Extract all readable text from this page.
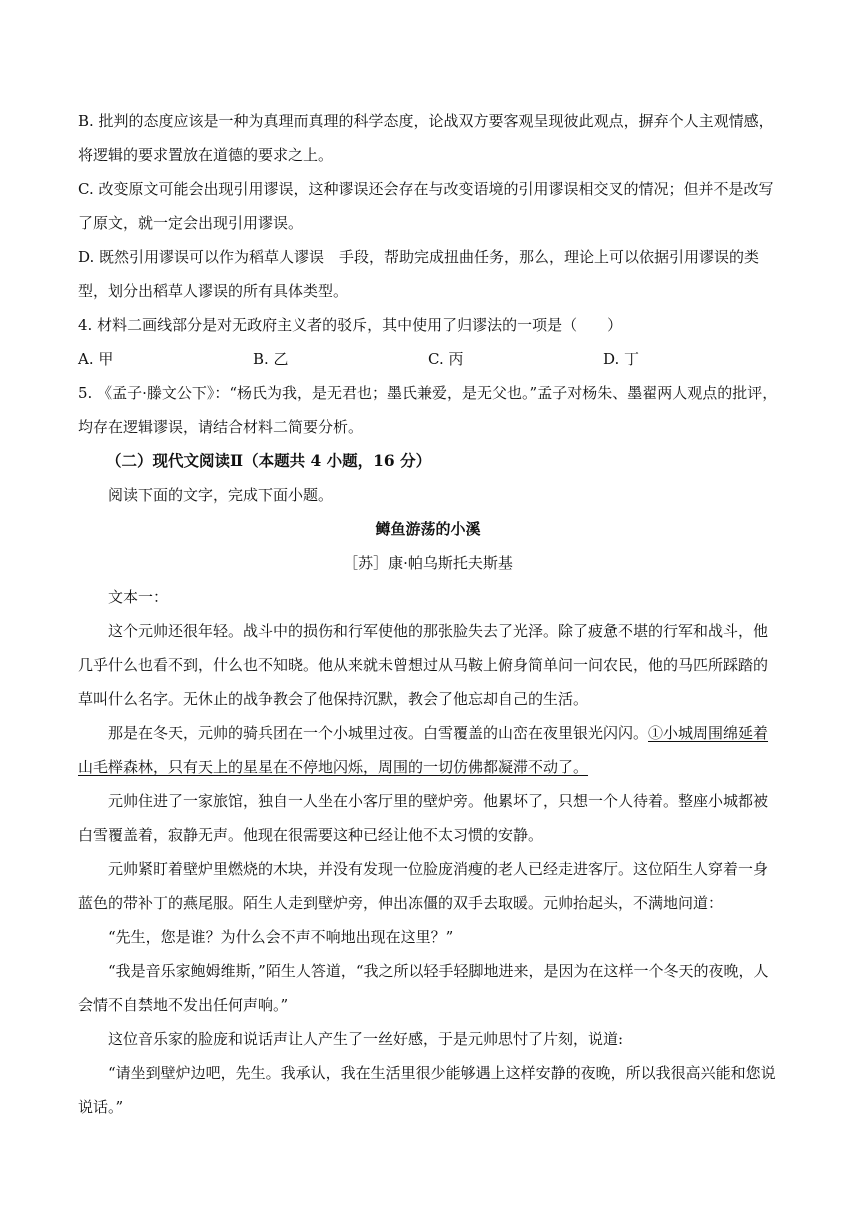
B. 批判的态度应该是一种为真理而真理的科学态度，论战双方要客观呈现彼此观点，摒弃个人主观情感，将逻辑的要求置放在道德的要求之上。

C. 改变原文可能会出现引用谬误，这种谬误还会存在与改变语境的引用谬误相交叉的情况；但并不是改写了原文，就一定会出现引用谬误。

D. 既然引用谬误可以作为稻草人谬误　手段，帮助完成扭曲任务，那么，理论上可以依据引用谬误的类型，划分出稻草人谬误的所有具体类型。

4. 材料二画线部分是对无政府主义者的驳斥，其中使用了归谬法的一项是（　　）

A. 甲	B. 乙	C. 丙	D. 丁

5. 《孟子·滕文公下》：“杨氏为我，是无君也；墨氏兼爱，是无父也。”孟子对杨朱、墨翟两人观点的批评，均存在逻辑谬误，请结合材料二简要分析。

（二）现代文阅读Ⅱ（本题共 4 小题，16 分）

阅读下面的文字，完成下面小题。

鳟鱼游荡的小溪

［苏］康·帕乌斯托夫斯基

文本一：

这个元帅还很年轻。战斗中的损伤和行军使他的那张脸失去了光泽。除了疲惫不堪的行军和战斗，他几乎什么也看不到，什么也不知晓。他从来就未曾想过从马鞍上俯身简单问一问农民，他的马匹所踩踏的草叫什么名字。无休止的战争教会了他保持沉默，教会了他忘却自己的生活。

那是在冬天，元帅的骑兵团在一个小城里过夜。白雪覆盖的山峦在夜里银光闪闪。①小城周围绵延着山毛榉森林，只有天上的星星在不停地闪烁，周围的一切仿佛都凝滞不动了。

元帅住进了一家旅馆，独自一人坐在小客厅里的壁炉旁。他累坏了，只想一个人待着。整座小城都被白雪覆盖着，寂静无声。他现在很需要这种已经让他不太习惯的安静。

元帅紧盯着壁炉里燃烧的木块，并没有发现一位脸庞消瘦的老人已经走进客厅。这位陌生人穿着一身蓝色的带补丁的燕尾服。陌生人走到壁炉旁，伸出冻僵的双手去取暖。元帅抬起头，不满地问道：

“先生，您是谁？为什么会不声不响地出现在这里？”

“我是音乐家鲍姆维斯，”陌生人答道，“我之所以轻手轻脚地进来，是因为在这样一个冬天的夜晚，人会情不自禁地不发出任何声响。”

这位音乐家的脸庞和说话声让人产生了一丝好感，于是元帅思忖了片刻，说道:

“请坐到壁炉边吧，先生。我承认，我在生活里很少能够遇上这样安静的夜晚，所以我很高兴能和您说说话。”
